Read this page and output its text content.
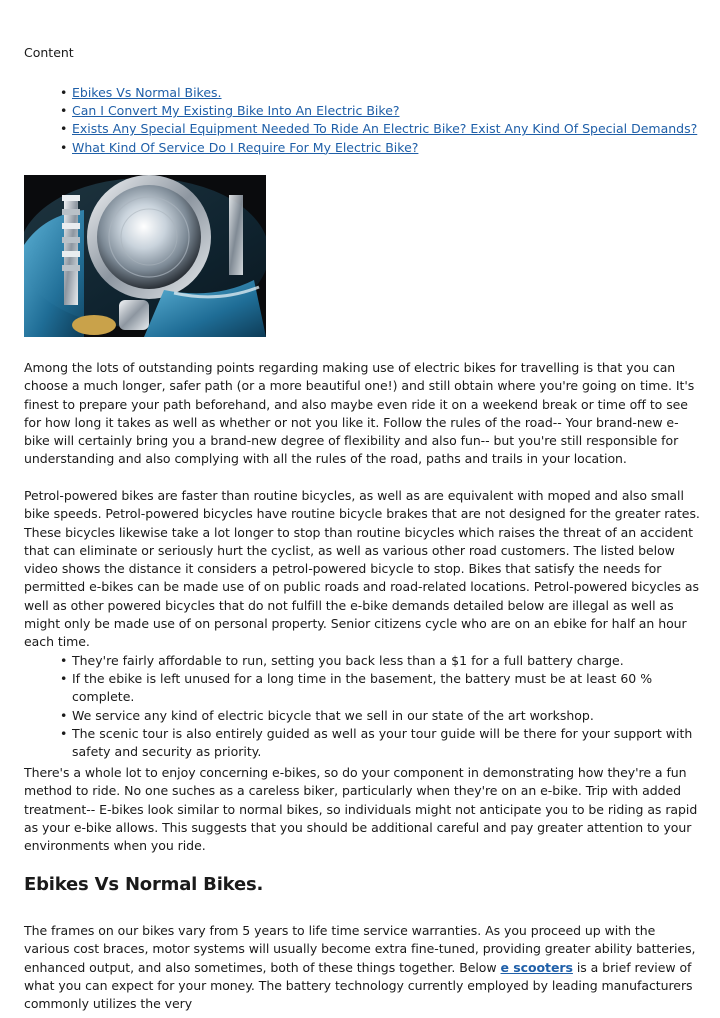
Content
• Ebikes Vs Normal Bikes.
• Can I Convert My Existing Bike Into An Electric Bike?
• Exists Any Special Equipment Needed To Ride An Electric Bike? Exist Any Kind Of Special Demands?
• What Kind Of Service Do I Require For My Electric Bike?

Among the lots of outstanding points regarding making use of electric bikes for travelling is that you can choose a much longer, safer path (or a more beautiful one!) and still obtain where you're going on time. It's finest to prepare your path beforehand, and also maybe even ride it on a weekend break or time off to see for how long it takes as well as whether or not you like it. Follow the rules of the road-- Your brand-new e-bike will certainly bring you a brand-new degree of flexibility and also fun-- but you're still responsible for understanding and also complying with all the rules of the road, paths and trails in your location.

Petrol-powered bikes are faster than routine bicycles, as well as are equivalent with moped and also small bike speeds. Petrol-powered bicycles have routine bicycle brakes that are not designed for the greater rates. These bicycles likewise take a lot longer to stop than routine bicycles which raises the threat of an accident that can eliminate or seriously hurt the cyclist, as well as various other road customers. The listed below video shows the distance it considers a petrol-powered bicycle to stop. Bikes that satisfy the needs for permitted e-bikes can be made use of on public roads and road-related locations. Petrol-powered bicycles as well as other powered bicycles that do not fulfill the e-bike demands detailed below are illegal as well as might only be made use of on personal property. Senior citizens cycle who are on an ebike for half an hour each time.

• They're fairly affordable to run, setting you back less than a $1 for a full battery charge.
• If the ebike is left unused for a long time in the basement, the battery must be at least 60 % complete.
• We service any kind of electric bicycle that we sell in our state of the art workshop.
• The scenic tour is also entirely guided as well as your tour guide will be there for your support with safety and security as priority.

There's a whole lot to enjoy concerning e-bikes, so do your component in demonstrating how they're a fun method to ride. No one suches as a careless biker, particularly when they're on an e-bike. Trip with added treatment-- E-bikes look similar to normal bikes, so individuals might not anticipate you to be riding as rapid as your e-bike allows. This suggests that you should be additional careful and pay greater attention to your environments when you ride.

Ebikes Vs Normal Bikes.

The frames on our bikes vary from 5 years to life time service warranties. As you proceed up with the various cost braces, motor systems will usually become extra fine-tuned, providing greater ability batteries, enhanced output, and also sometimes, both of these things together. Below e scooters is a brief review of what you can expect for your money. The battery technology currently employed by leading manufacturers commonly utilizes the very
